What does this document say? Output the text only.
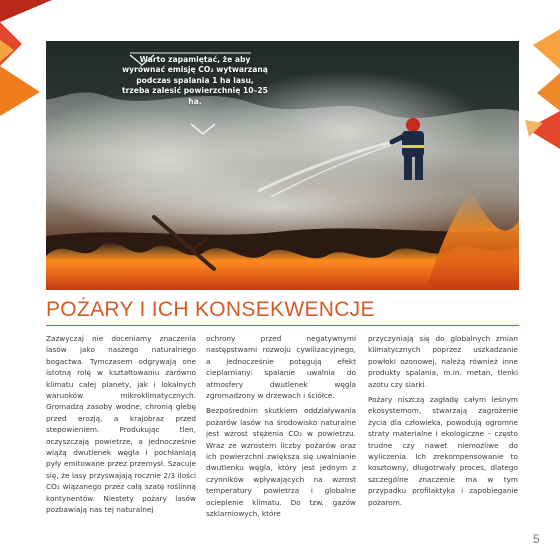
Warto zapamiętać, że aby wyrównać emisję CO₂ wytwarzaną podczas spalania 1 ha lasu, trzeba zalesić powierzchnię 10–25 ha.
POŻARY I ICH KONSEKWENCJE

Zazwyczaj nie doceniamy znaczenia lasów jako naszego naturalnego bogactwa. Tymczasem odgrywają one istotną rolę w kształtowaniu zarówno klimatu całej planety, jak i lokalnych warunków mikroklimatycznych. Gromadzą zasoby wodne, chronią glebę przed erozją, a krajobraz przed stepowieniem. Produkując tlen, oczyszczają powietrze, a jednocześnie wiążą dwutlenek węgla i pochłaniają pyły emitowane przez przemysł. Szacuje się, że lasy przyswajają rocznie 2/3 ilości CO₂ wiązanego przez całą szatę roślinną kontynentów. Niestety pożary lasów pozbawiają nas tej naturalnej

ochrony przed negatywnymi następstwami rozwoju cywilizacyjnego, a jednocześnie potęgują efekt cieplarniany: spalanie uwalnia do atmosfery dwutlenek węgla zgromadzony w drzewach i ściółce.

Bezpośrednim skutkiem oddziaływania pożarów lasów na środowisko naturalne jest wzrost stężenia CO₂ w powietrzu. Wraz ze wzrostem liczby pożarów oraz ich powierzchni zwiększa się uwalnianie dwutlenku węgla, który jest jednym z czynników wpływających na wzrost temperatury powietrza i globalne ocieplenie klimatu. Do tzw. gazów szklarniowych, które

przyczyniają się do globalnych zmian klimatycznych poprzez uszkadzanie powłoki ozonowej, należą również inne produkty spalania, m.in. metan, tlenki azotu czy siarki.

Pożary niszczą zagładę całym leśnym ekosystemom, stwarzają zagrożenie życia dla człowieka, powodują ogromne straty materialne i ekologiczne – często trudne czy nawet niemożliwe do wyliczenia. Ich zrekompensowanie to kosztowny, długotrwały proces, dlatego szczególne znaczenie ma w tym przypadku profilaktyka i zapobieganie pożarom.

5
